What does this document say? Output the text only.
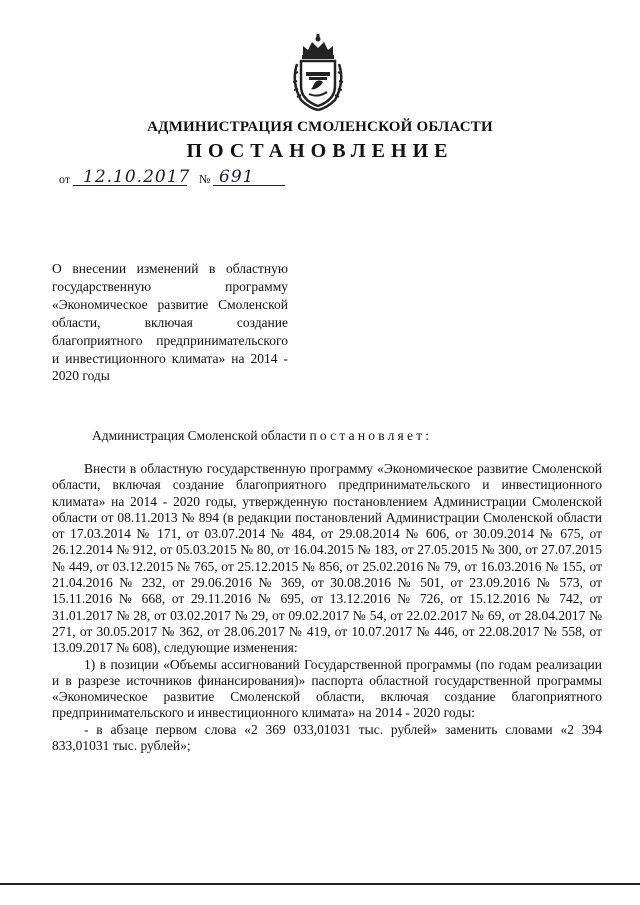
АДМИНИСТРАЦИЯ СМОЛЕНСКОЙ ОБЛАСТИ
ПОСТАНОВЛЕНИЕ
от 12.10.2017 № 691
О внесении изменений в областную государственную программу «Экономическое развитие Смоленской области, включая создание благоприятного предпринимательского и инвестиционного климата» на 2014 - 2020 годы
Администрация Смоленской области постановляет:

Внести в областную государственную программу «Экономическое развитие Смоленской области, включая создание благоприятного предпринимательского и инвестиционного климата» на 2014 - 2020 годы, утвержденную постановлением Администрации Смоленской области от 08.11.2013 № 894 (в редакции постановлений Администрации Смоленской области от 17.03.2014 № 171, от 03.07.2014 № 484, от 29.08.2014 № 606, от 30.09.2014 № 675, от 26.12.2014 № 912, от 05.03.2015 № 80, от 16.04.2015 № 183, от 27.05.2015 № 300, от 27.07.2015 № 449, от 03.12.2015 № 765, от 25.12.2015 № 856, от 25.02.2016 № 79, от 16.03.2016 № 155, от 21.04.2016 № 232, от 29.06.2016 № 369, от 30.08.2016 № 501, от 23.09.2016 № 573, от 15.11.2016 № 668, от 29.11.2016 № 695, от 13.12.2016 № 726, от 15.12.2016 № 742, от 31.01.2017 № 28, от 03.02.2017 № 29, от 09.02.2017 № 54, от 22.02.2017 № 69, от 28.04.2017 № 271, от 30.05.2017 № 362, от 28.06.2017 № 419, от 10.07.2017 № 446, от 22.08.2017 № 558, от 13.09.2017 № 608), следующие изменения:

1) в позиции «Объемы ассигнований Государственной программы (по годам реализации и в разрезе источников финансирования)» паспорта областной государственной программы «Экономическое развитие Смоленской области, включая создание благоприятного предпринимательского и инвестиционного климата» на 2014 - 2020 годы:

- в абзаце первом слова «2 369 033,01031 тыс. рублей» заменить словами «2 394 833,01031 тыс. рублей»;
